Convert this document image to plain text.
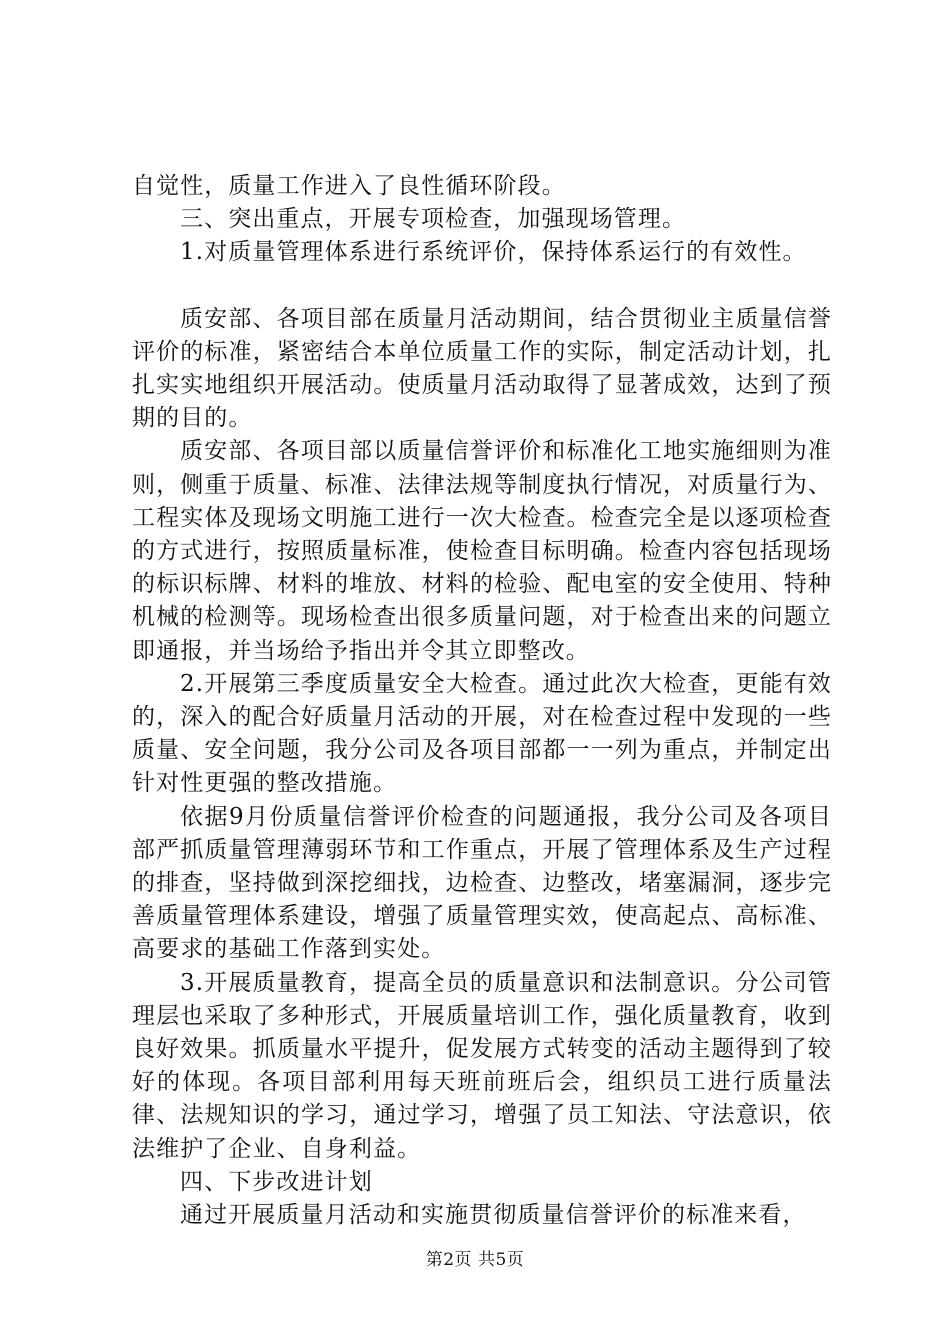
自觉性，质量工作进入了良性循环阶段。

三、突出重点，开展专项检查，加强现场管理。

1.对质量管理体系进行系统评价，保持体系运行的有效性。

质安部、各项目部在质量月活动期间，结合贯彻业主质量信誉评价的标准，紧密结合本单位质量工作的实际，制定活动计划，扎扎实实地组织开展活动。使质量月活动取得了显著成效，达到了预期的目的。

质安部、各项目部以质量信誉评价和标准化工地实施细则为准则，侧重于质量、标准、法律法规等制度执行情况，对质量行为、工程实体及现场文明施工进行一次大检查。检查完全是以逐项检查的方式进行，按照质量标准，使检查目标明确。检查内容包括现场的标识标牌、材料的堆放、材料的检验、配电室的安全使用、特种机械的检测等。现场检查出很多质量问题，对于检查出来的问题立即通报，并当场给予指出并令其立即整改。

2.开展第三季度质量安全大检查。通过此次大检查，更能有效的，深入的配合好质量月活动的开展，对在检查过程中发现的一些质量、安全问题，我分公司及各项目部都一一列为重点，并制定出针对性更强的整改措施。

依据9月份质量信誉评价检查的问题通报，我分公司及各项目部严抓质量管理薄弱环节和工作重点，开展了管理体系及生产过程的排查，坚持做到深挖细找，边检查、边整改，堵塞漏洞，逐步完善质量管理体系建设，增强了质量管理实效，使高起点、高标准、高要求的基础工作落到实处。

3.开展质量教育，提高全员的质量意识和法制意识。分公司管理层也采取了多种形式，开展质量培训工作，强化质量教育，收到良好效果。抓质量水平提升，促发展方式转变的活动主题得到了较好的体现。各项目部利用每天班前班后会，组织员工进行质量法律、法规知识的学习，通过学习，增强了员工知法、守法意识，依法维护了企业、自身利益。

四、下步改进计划

通过开展质量月活动和实施贯彻质量信誉评价的标准来看，

第2页 共5页
